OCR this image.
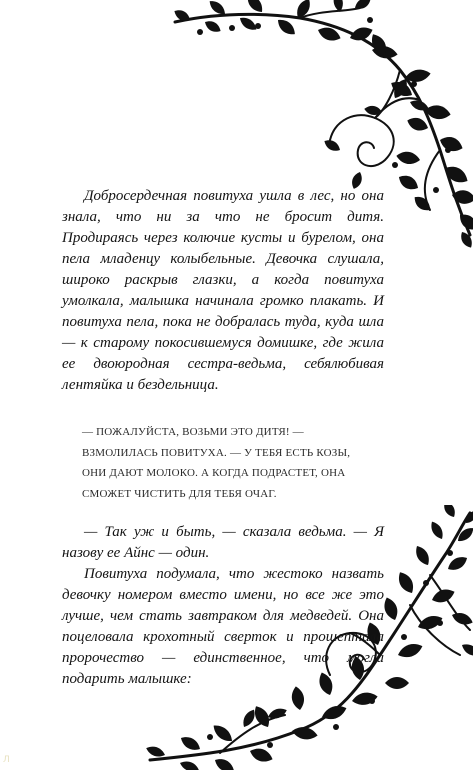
Добросердечная повитуха ушла в лес, но она знала, что ни за что не бросит дитя. Продираясь через колючие кусты и бурелом, она пела младенцу колыбельные. Девочка слушала, широко раскрыв глазки, а когда повитуха умолкала, малышка начинала громко плакать. И повитуха пела, пока не добралась туда, куда шла — к старому покосившемуся домишке, где жила ее двоюродная сестра-ведьма, себялюбивая лентяйка и бездельница.

— ПОЖАЛУЙСТА, ВОЗЬМИ ЭТО ДИТЯ! — ВЗМОЛИЛАСЬ ПОВИТУХА. — У ТЕБЯ ЕСТЬ КОЗЫ, ОНИ ДАЮТ МОЛОКО. А КОГДА ПОДРАСТЕТ, ОНА СМОЖЕТ ЧИСТИТЬ ДЛЯ ТЕБЯ ОЧАГ.

— Так уж и быть, — сказала ведьма. — Я назову ее Айнс — один.

Повитуха подумала, что жестоко назвать девочку номером вместо имени, но все же это лучше, чем стать завтраком для медведей. Она поцеловала крохотный сверток и прошептала пророчество — единственное, что могла подарить малышке:

Л
